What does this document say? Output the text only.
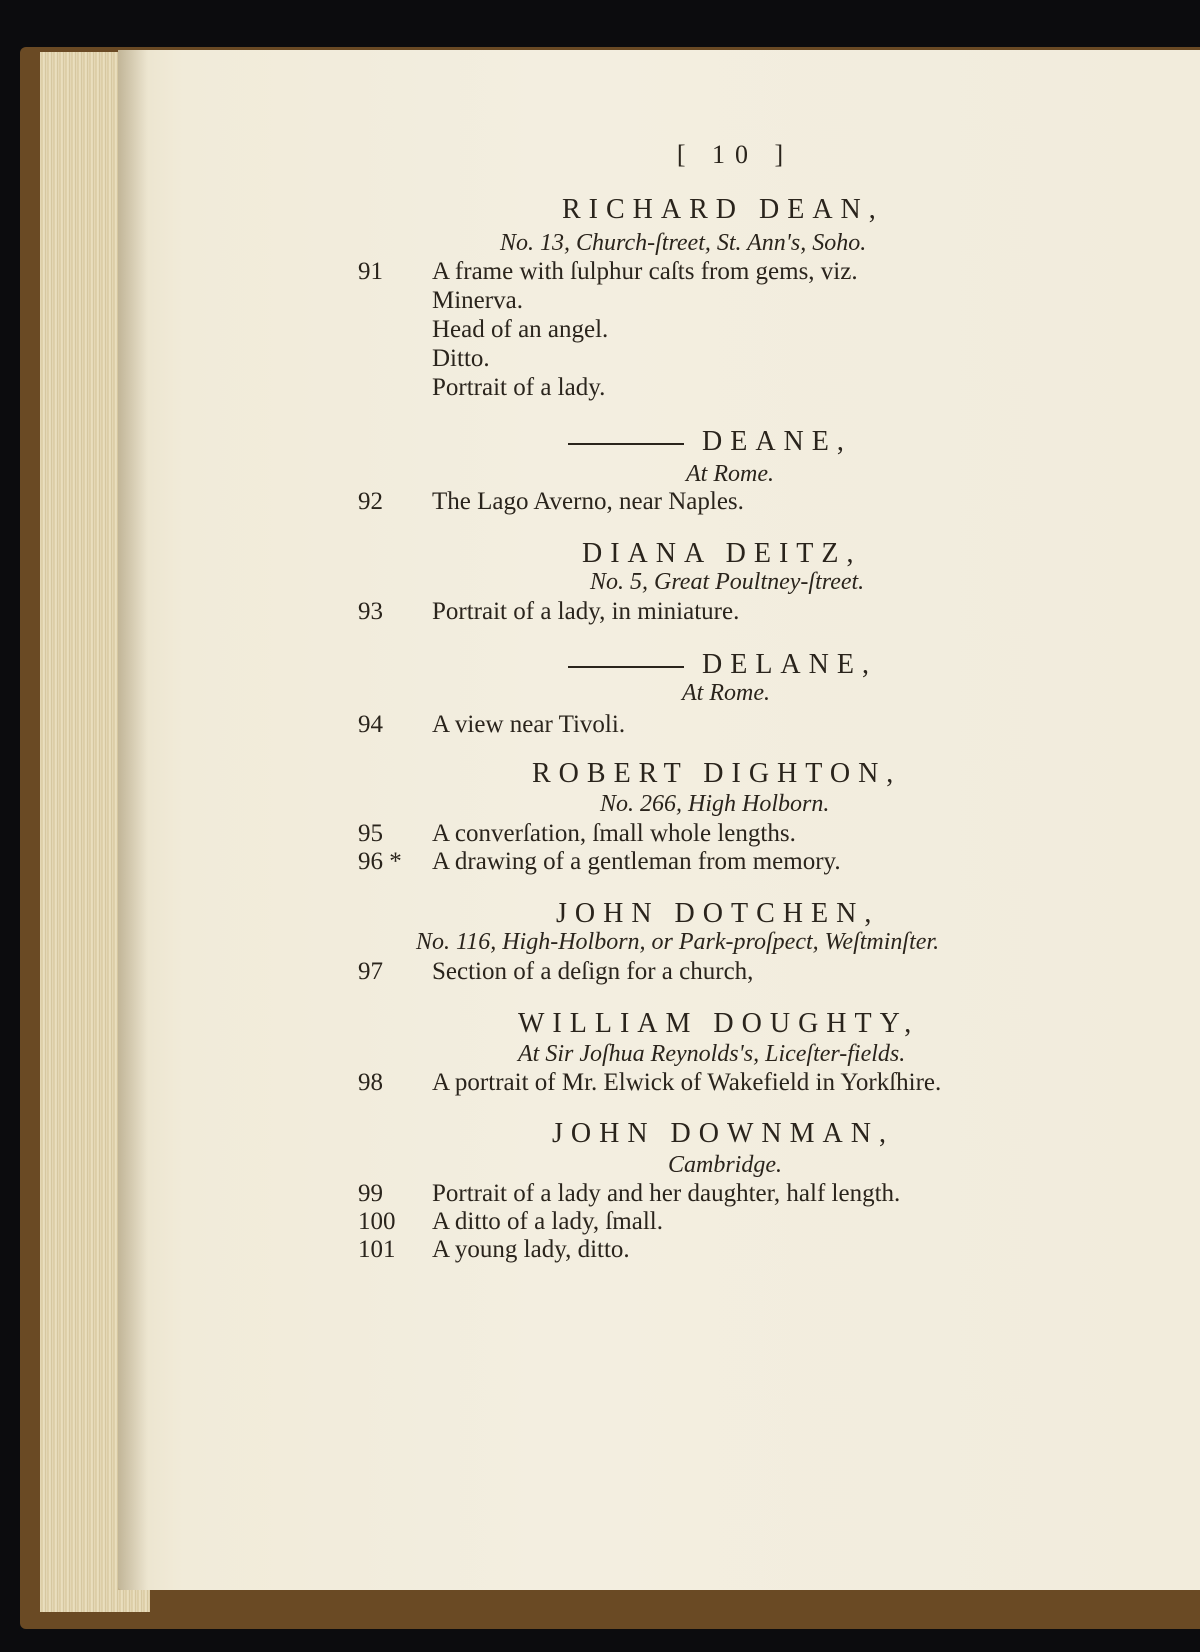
[ 10 ]
RICHARD DEAN,
No. 13, Church-ſtreet, St. Ann's, Soho.
91 A frame with ſulphur caſts from gems, viz.
Minerva.
Head of an angel.
Ditto.
Portrait of a lady.
DEANE,
At Rome.
92 The Lago Averno, near Naples.
DIANA DEITZ,
No. 5, Great Poultney-ſtreet.
93 Portrait of a lady, in miniature.
DELANE,
At Rome.
94 A view near Tivoli.
ROBERT DIGHTON,
No. 266, High Holborn.
95 A converſation, ſmall whole lengths.
96 * A drawing of a gentleman from memory.
JOHN DOTCHEN,
No. 116, High-Holborn, or Park-proſpect, Weſtminſter.
97 Section of a deſign for a church,
WILLIAM DOUGHTY,
At Sir Joſhua Reynolds's, Liceſter-fields.
98 A portrait of Mr. Elwick of Wakefield in Yorkſhire.
JOHN DOWNMAN,
Cambridge.
99 Portrait of a lady and her daughter, half length.
100 A ditto of a lady, ſmall.
101 A young lady, ditto.
